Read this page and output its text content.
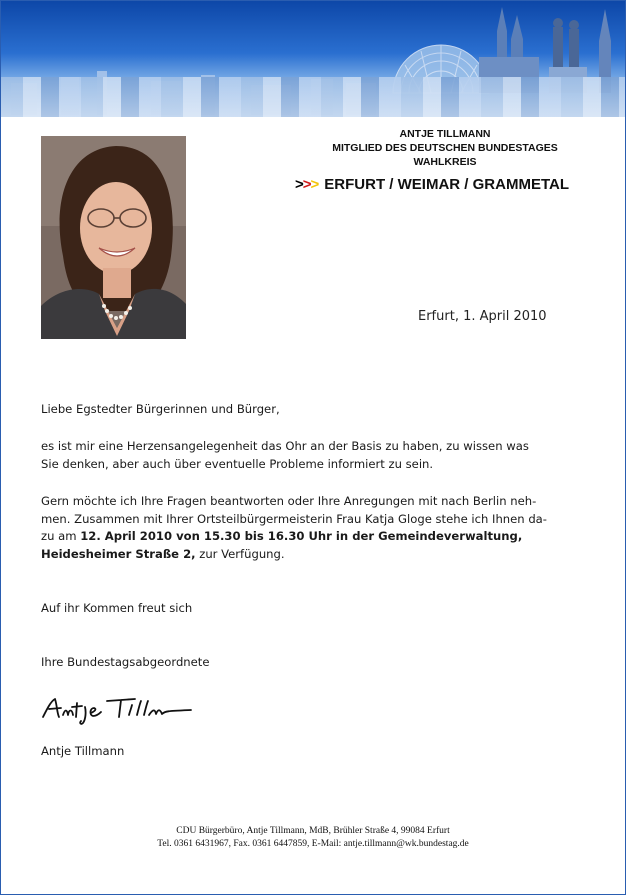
ANTJE TILLMANN
MITGLIED DES DEUTSCHEN BUNDESTAGES
WAHLKREIS
>>> ERFURT / WEIMAR / GRAMMETAL
Erfurt, 1. April 2010
Liebe Egstedter Bürgerinnen und Bürger,
es ist mir eine Herzensangelegenheit das Ohr an der Basis zu haben, zu wissen was
Sie denken, aber auch über eventuelle Probleme informiert zu sein.
Gern möchte ich Ihre Fragen beantworten oder Ihre Anregungen mit nach Berlin neh-
men. Zusammen mit Ihrer Ortsteilbürgermeisterin Frau Katja Gloge stehe ich Ihnen da-
zu am 12. April 2010 von 15.30 bis 16.30 Uhr in der Gemeindeverwaltung,
Heidesheimer Straße 2, zur Verfügung.
Auf ihr Kommen freut sich
Ihre Bundestagsabgeordnete
Antje Tillmann
CDU Bürgerbüro, Antje Tillmann, MdB, Brühler Straße 4, 99084 Erfurt
Tel. 0361 6431967, Fax. 0361 6447859, E-Mail: antje.tillmann@wk.bundestag.de
